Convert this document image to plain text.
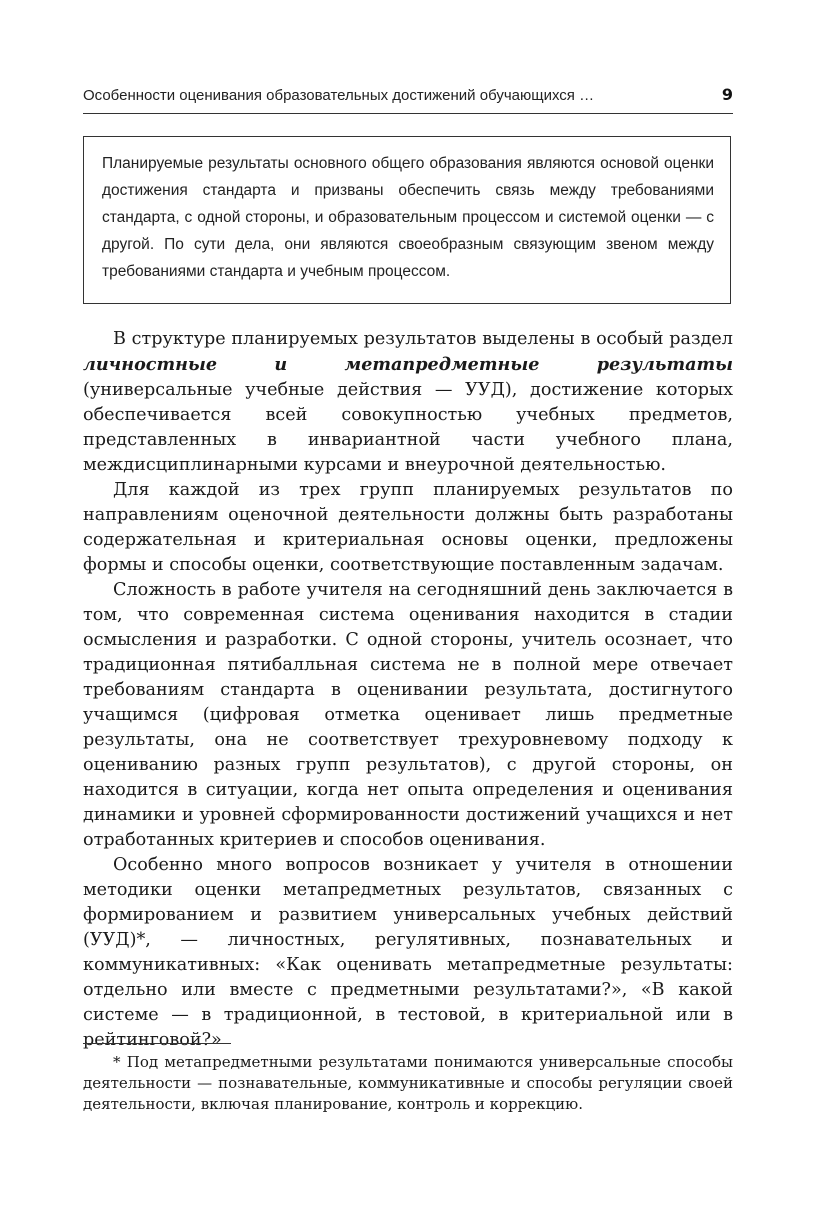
Особенности оценивания образовательных достижений обучающихся …	9

Планируемые результаты основного общего образования являются основой оценки достижения стандарта и призваны обеспечить связь между требованиями стандарта, с одной стороны, и образовательным процессом и системой оценки — с другой. По сути дела, они являются своеобразным связующим звеном между требованиями стандарта и учебным процессом.

В структуре планируемых результатов выделены в особый раздел личностные и метапредметные результаты (универсальные учебные действия — УУД), достижение которых обеспечивается всей совокупностью учебных предметов, представленных в инвариантной части учебного плана, междисциплинарными курсами и внеурочной деятельностью.

Для каждой из трех групп планируемых результатов по направлениям оценочной деятельности должны быть разработаны содержательная и критериальная основы оценки, предложены формы и способы оценки, соответствующие поставленным задачам.

Сложность в работе учителя на сегодняшний день заключается в том, что современная система оценивания находится в стадии осмысления и разработки. С одной стороны, учитель осознает, что традиционная пятибалльная система не в полной мере отвечает требованиям стандарта в оценивании результата, достигнутого учащимся (цифровая отметка оценивает лишь предметные результаты, она не соответствует трехуровневому подходу к оцениванию разных групп результатов), с другой стороны, он находится в ситуации, когда нет опыта определения и оценивания динамики и уровней сформированности достижений учащихся и нет отработанных критериев и способов оценивания.

Особенно много вопросов возникает у учителя в отношении методики оценки метапредметных результатов, связанных с формированием и развитием универсальных учебных действий (УУД)*, — личностных, регулятивных, познавательных и коммуникативных: «Как оценивать метапредметные результаты: отдельно или вместе с предметными результатами?», «В какой системе — в традиционной, в тестовой, в критериальной или в рейтинговой?»

* Под метапредметными результатами понимаются универсальные способы деятельности — познавательные, коммуникативные и способы регуляции своей деятельности, включая планирование, контроль и коррекцию.
